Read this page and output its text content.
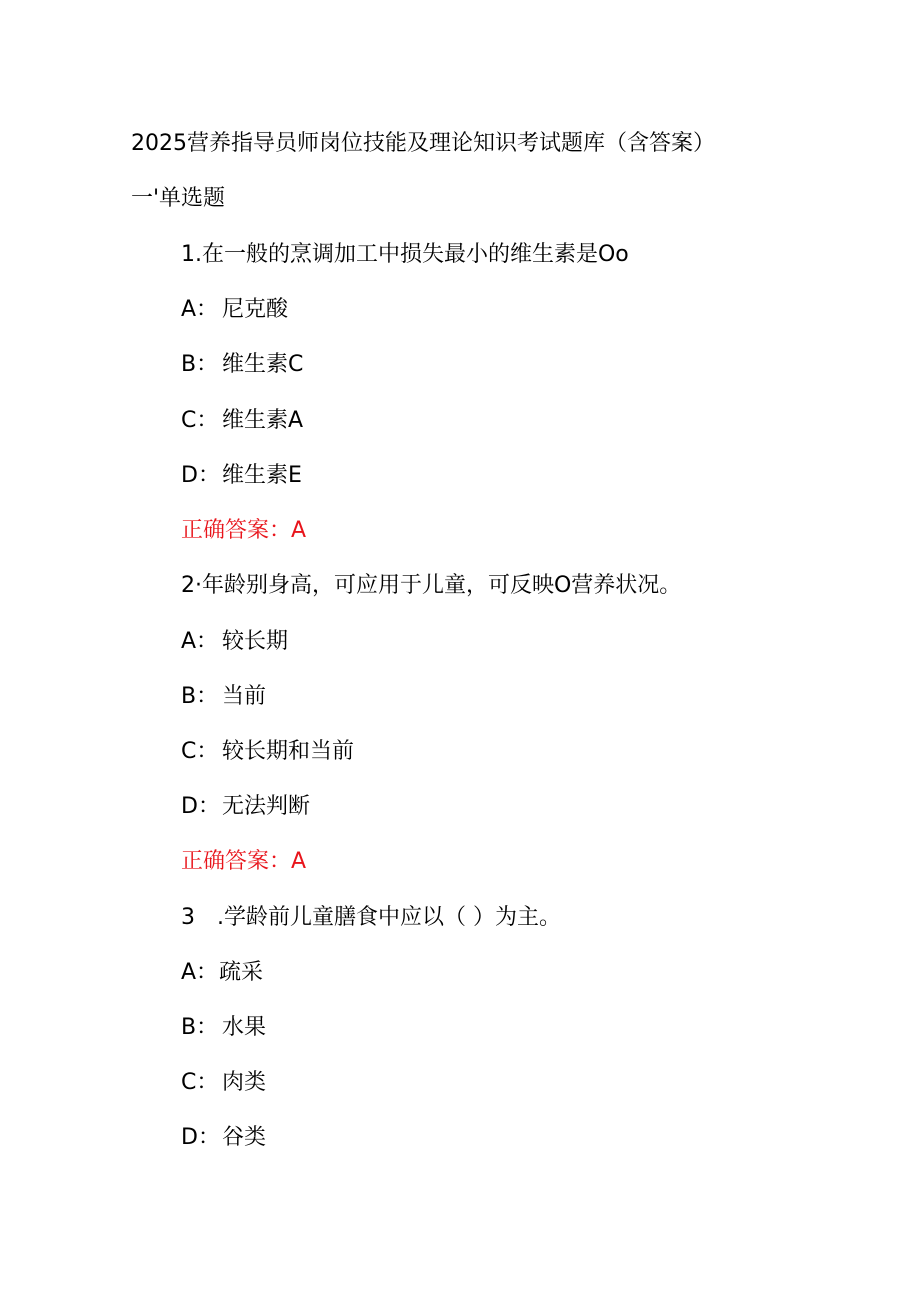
2025营养指导员师岗位技能及理论知识考试题库（含答案）
一'单选题
1.在一般的烹调加工中损失最小的维生素是Oo
A： 尼克酸
B： 维生素C
C： 维生素A
D：维生素E
正确答案：A
2·年龄别身高，可应用于儿童，可反映O营养状况。
A： 较长期
B： 当前
C： 较长期和当前
D：无法判断
正确答案：A
3　.学龄前儿童膳食中应以（ ）为主。
A：疏采
B： 水果
C： 肉类
D：谷类
